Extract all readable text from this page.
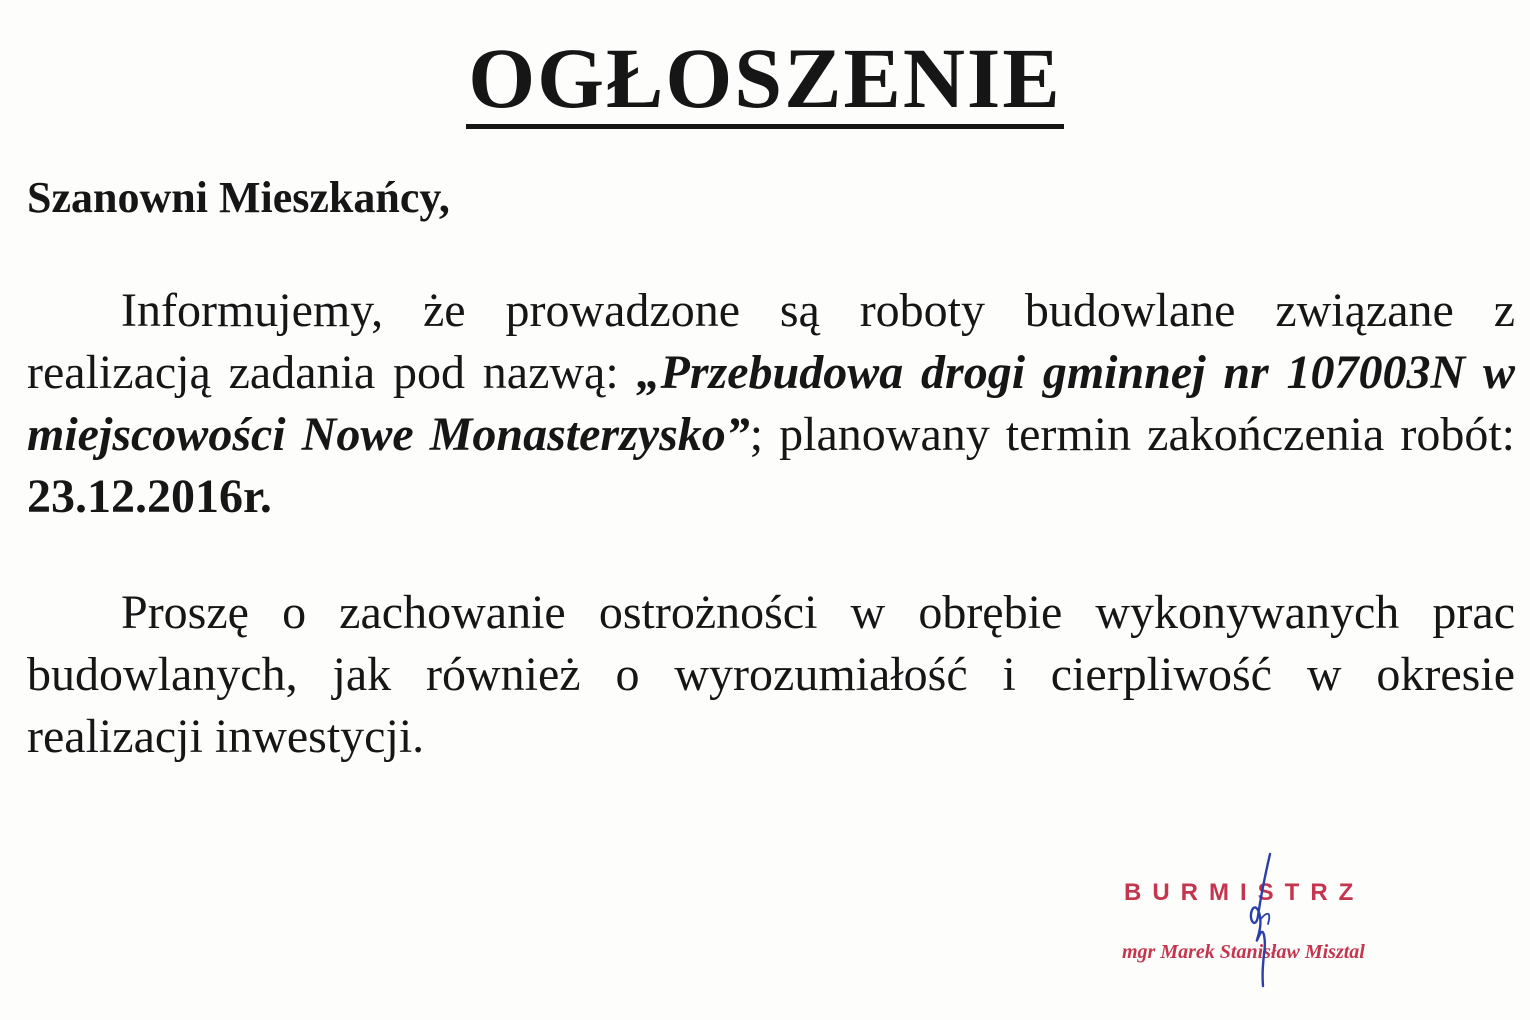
OGŁOSZENIE

Szanowni Mieszkańcy,

Informujemy, że prowadzone są roboty budowlane związane z realizacją zadania pod nazwą: „Przebudowa drogi gminnej nr 107003N w miejscowości Nowe Monasterzysko”; planowany termin zakończenia robót: 23.12.2016r.

Proszę o zachowanie ostrożności w obrębie wykonywanych prac budowlanych, jak również o wyrozumiałość i cierpliwość w okresie realizacji inwestycji.

BURMISTRZ

mgr Marek Stanisław Misztal
